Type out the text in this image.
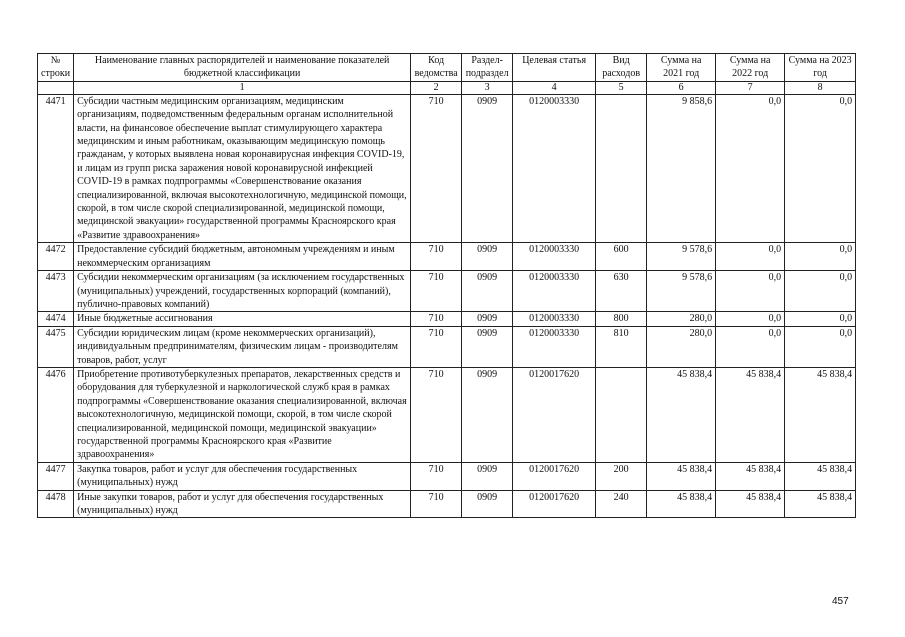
№ строки	Наименование главных распорядителей и наименование показателей бюджетной классификации	Код ведомства	Раздел-подраздел	Целевая статья	Вид расходов	Сумма на 2021 год	Сумма на 2022 год	Сумма на 2023 год
	1	2	3	4	5	6	7	8
4471	Субсидии частным медицинским организациям, медицинским организациям, подведомственным федеральным органам исполнительной власти, на финансовое обеспечение выплат стимулирующего характера медицинским и иным работникам, оказывающим медицинскую помощь гражданам, у которых выявлена новая коронавирусная инфекция COVID-19, и лицам из групп риска заражения новой коронавирусной инфекцией COVID-19 в рамках подпрограммы «Совершенствование оказания специализированной, включая высокотехнологичную, медицинской помощи, скорой, в том числе скорой специализированной, медицинской помощи, медицинской эвакуации» государственной программы Красноярского края «Развитие здравоохранения»	710	0909	0120003330		9 858,6	0,0	0,0
4472	Предоставление субсидий бюджетным, автономным учреждениям и иным некоммерческим организациям	710	0909	0120003330	600	9 578,6	0,0	0,0
4473	Субсидии некоммерческим организациям (за исключением государственных (муниципальных) учреждений, государственных корпораций (компаний), публично-правовых компаний)	710	0909	0120003330	630	9 578,6	0,0	0,0
4474	Иные бюджетные ассигнования	710	0909	0120003330	800	280,0	0,0	0,0
4475	Субсидии юридическим лицам (кроме некоммерческих организаций), индивидуальным предпринимателям, физическим лицам - производителям товаров, работ, услуг	710	0909	0120003330	810	280,0	0,0	0,0
4476	Приобретение противотуберкулезных препаратов, лекарственных средств и оборудования для туберкулезной и наркологической служб края в рамках подпрограммы «Совершенствование оказания специализированной, включая высокотехнологичную, медицинской помощи, скорой, в том числе скорой специализированной, медицинской помощи, медицинской эвакуации» государственной программы Красноярского края «Развитие здравоохранения»	710	0909	0120017620		45 838,4	45 838,4	45 838,4
4477	Закупка товаров, работ и услуг для обеспечения государственных (муниципальных) нужд	710	0909	0120017620	200	45 838,4	45 838,4	45 838,4
4478	Иные закупки товаров, работ и услуг для обеспечения государственных (муниципальных) нужд	710	0909	0120017620	240	45 838,4	45 838,4	45 838,4
457
